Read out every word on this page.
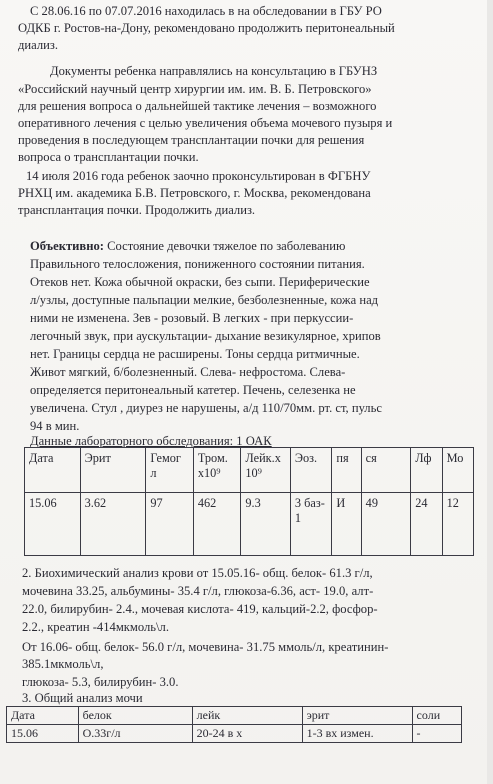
С 28.06.16 по 07.07.2016 находилась в на обследовании в ГБУ РО
ОДКБ г. Ростов-на-Дону, рекомендовано продолжить перитонеальный
диализ.
Документы ребенка направлялись на консультацию в ГБУНЗ
«Российский научный центр хирургии им. им. В. Б. Петровского»
для решения вопроса о дальнейшей тактике лечения – возможного
оперативного лечения с целью увеличения объема мочевого пузыря и
проведения в последующем трансплантации почки для решения
вопроса о трансплантации почки.
14 июля 2016 года ребенок заочно проконсультирован в ФГБНУ
РНХЦ им. академика Б.В. Петровского, г. Москва, рекомендована
трансплантация почки. Продолжить диализ.
Объективно: Состояние девочки тяжелое по заболеванию
Правильного телосложения, пониженного состоянии питания.
Отеков нет. Кожа обычной окраски, без сыпи. Периферические
л/узлы, доступные пальпации мелкие, безболезненные, кожа над
ними не изменена. Зев - розовый. В легких - при перкуссии-
легочный звук, при аускультации- дыхание везикулярное, хрипов
нет. Границы сердца не расширены. Тоны сердца ритмичные.
Живот мягкий, б/болезненный. Слева- нефростома. Слева-
определяется перитонеальный катетер. Печень, селезенка не
увеличена. Стул , диурез не нарушены, а/д 110/70мм. рт. ст, пульс
94 в мин.
Данные лабораторного обследования: 1 ОАК
Дата	Эрит	Гемог л	Тром. х10⁹	Лейк.х 10⁹	Эоз.	пя	ся	Лф	Мо
15.06	3.62	97	462	9.3	3 баз- 1	И	49	24	12
2. Биохимический анализ крови от 15.05.16- общ. белок- 61.3 г/л,
мочевина 33.25, альбумины- 35.4 г/л, глюкоза-6.36, аст- 19.0, алт-
22.0, билирубин- 2.4., мочевая кислота- 419, кальций-2.2, фосфор-
2.2., креатин -414мкмоль\л.
От 16.06- общ. белок- 56.0 г/л, мочевина- 31.75 ммоль/л, креатинин-
385.1мкмоль\л,
глюкоза- 5.3, билирубин- 3.0.
3. Общий анализ мочи
Дата	белок	лейк	эрит	соли
15.06	O.33г/л	20-24 в х	1-3 вх измен.	-
